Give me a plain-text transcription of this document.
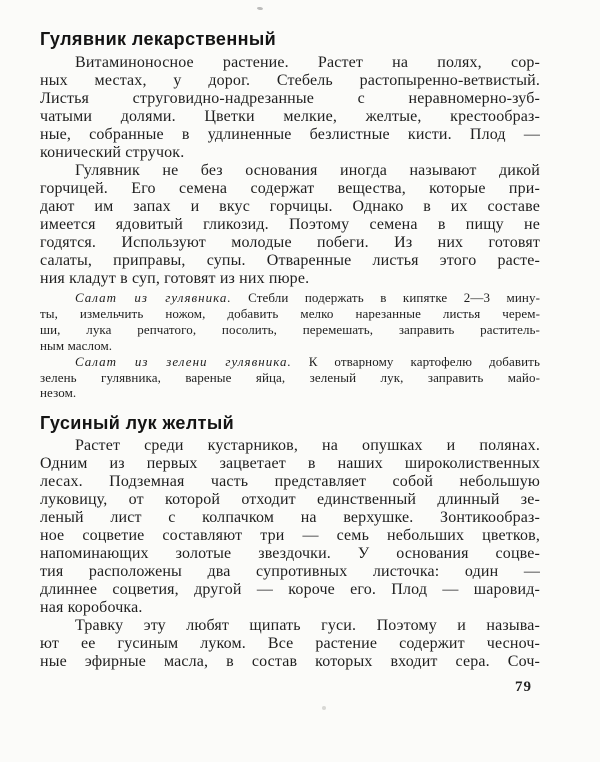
Гулявник лекарственный
Витаминоносное растение. Растет на полях, сор-
ных местах, у дорог. Стебель растопыренно-ветвистый.
Листья струговидно-надрезанные с неравномерно-зуб-
чатыми долями. Цветки мелкие, желтые, крестообраз-
ные, собранные в удлиненные безлистные кисти. Плод —
конический стручок.
Гулявник не без основания иногда называют дикой
горчицей. Его семена содержат вещества, которые при-
дают им запах и вкус горчицы. Однако в их составе
имеется ядовитый гликозид. Поэтому семена в пищу не
годятся. Используют молодые побеги. Из них готовят
салаты, приправы, супы. Отваренные листья этого расте-
ния кладут в суп, готовят из них пюре.
Салат из гулявника. Стебли подержать в кипятке 2—3 мину-
ты, измельчить ножом, добавить мелко нарезанные листья черем-
ши, лука репчатого, посолить, перемешать, заправить раститель-
ным маслом.
Салат из зелени гулявника. К отварному картофелю добавить
зелень гулявника, вареные яйца, зеленый лук, заправить майо-
незом.
Гусиный лук желтый
Растет среди кустарников, на опушках и полянах.
Одним из первых зацветает в наших широколиственных
лесах. Подземная часть представляет собой небольшую
луковицу, от которой отходит единственный длинный зе-
леный лист с колпачком на верхушке. Зонтикообраз-
ное соцветие составляют три — семь небольших цветков,
напоминающих золотые звездочки. У основания соцве-
тия расположены два супротивных листочка: один —
длиннее соцветия, другой — короче его. Плод — шаровид-
ная коробочка.
Травку эту любят щипать гуси. Поэтому и называ-
ют ее гусиным луком. Все растение содержит чесноч-
ные эфирные масла, в состав которых входит сера. Соч-
79
